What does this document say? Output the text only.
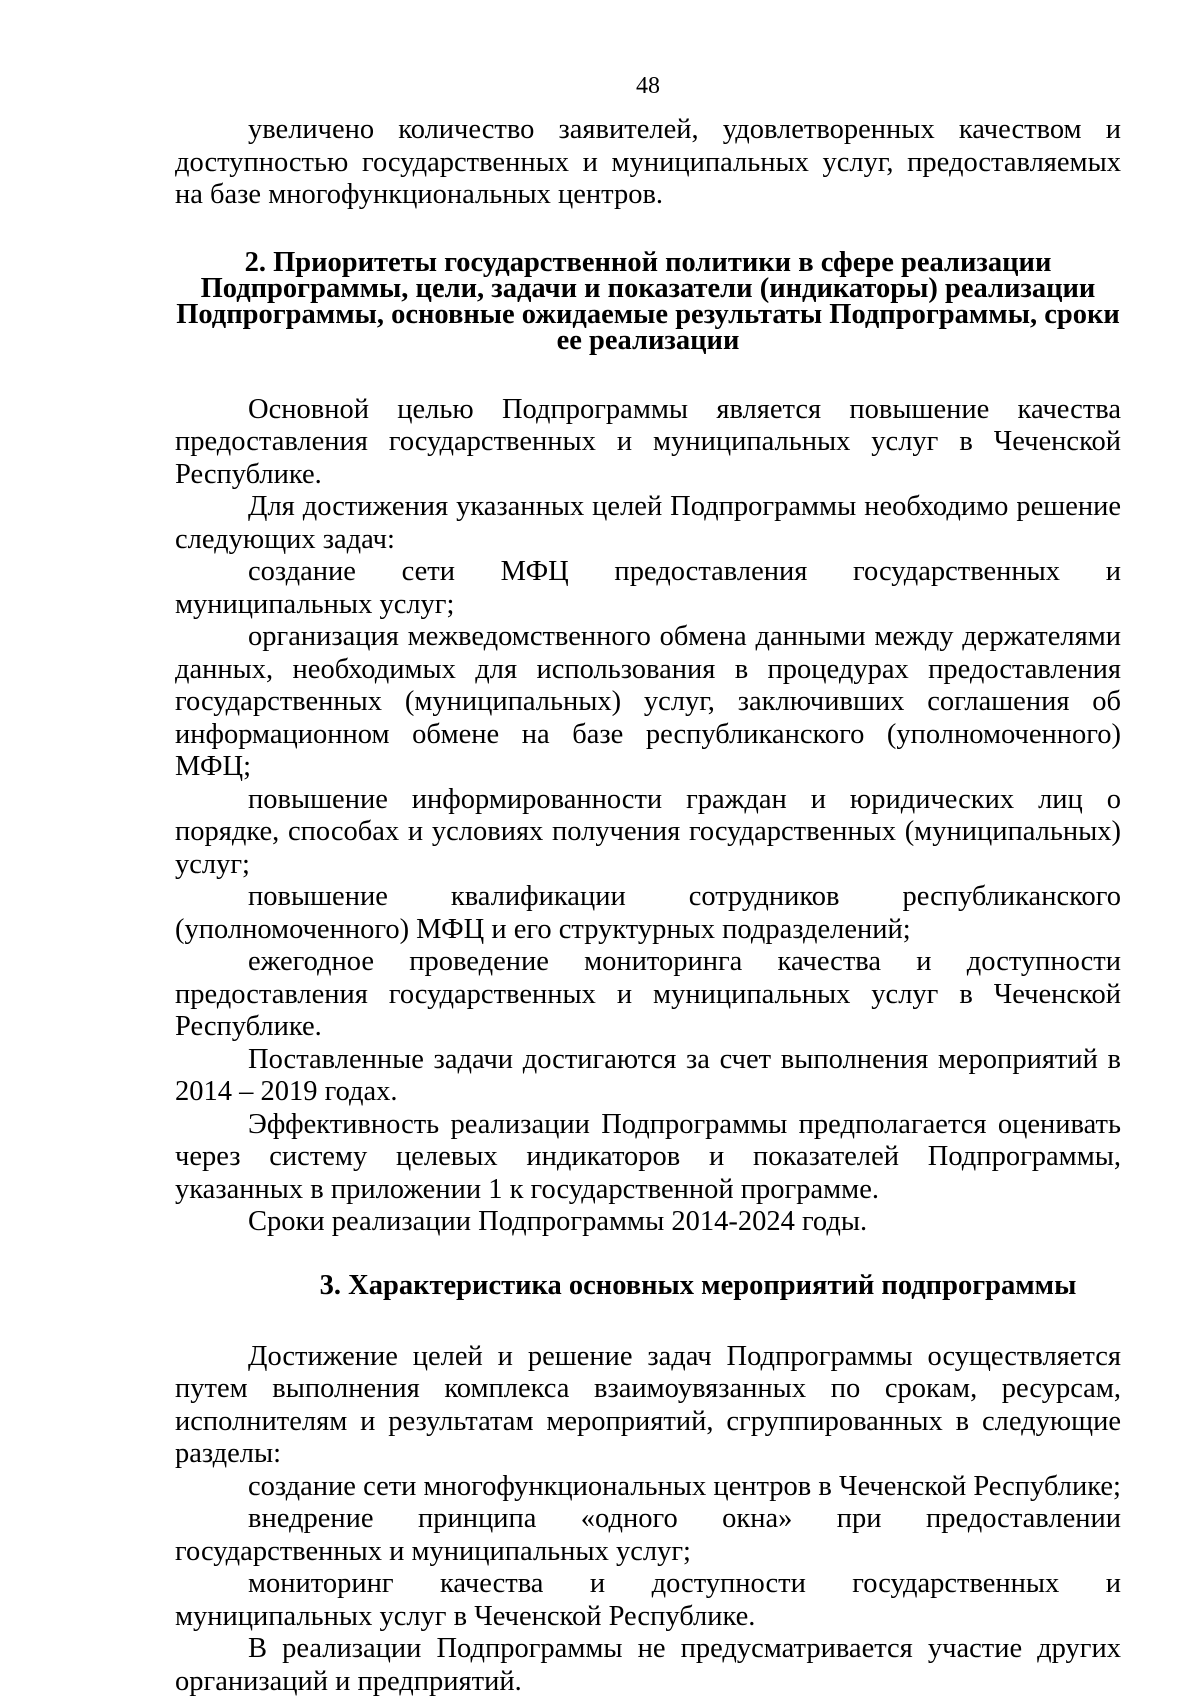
48

увеличено количество заявителей, удовлетворенных качеством и доступностью государственных и муниципальных услуг, предоставляемых на базе многофункциональных центров.

2. Приоритеты государственной политики в сфере реализации Подпрограммы, цели, задачи и показатели (индикаторы) реализации Подпрограммы, основные ожидаемые результаты Подпрограммы, сроки ее реализации

Основной целью Подпрограммы является повышение качества предоставления государственных и муниципальных услуг в Чеченской Республике.

Для достижения указанных целей Подпрограммы необходимо решение следующих задач:

создание сети МФЦ предоставления государственных и муниципальных услуг;

организация межведомственного обмена данными между держателями данных, необходимых для использования в процедурах предоставления государственных (муниципальных) услуг, заключивших соглашения об информационном обмене на базе республиканского (уполномоченного) МФЦ;

повышение информированности граждан и юридических лиц о порядке, способах и условиях получения государственных (муниципальных) услуг;

повышение квалификации сотрудников республиканского (уполномоченного) МФЦ и его структурных подразделений;

ежегодное проведение мониторинга качества и доступности предоставления государственных и муниципальных услуг в Чеченской Республике.

Поставленные задачи достигаются за счет выполнения мероприятий в 2014 – 2019 годах.

Эффективность реализации Подпрограммы предполагается оценивать через систему целевых индикаторов и показателей Подпрограммы, указанных в приложении 1 к государственной программе.

Сроки реализации Подпрограммы 2014-2024 годы.

3. Характеристика основных мероприятий подпрограммы

Достижение целей и решение задач Подпрограммы осуществляется путем выполнения комплекса взаимоувязанных по срокам, ресурсам, исполнителям и результатам мероприятий, сгруппированных в следующие разделы:

создание сети многофункциональных центров в Чеченской Республике;

внедрение принципа «одного окна» при предоставлении государственных и муниципальных услуг;

мониторинг качества и доступности государственных и муниципальных услуг в Чеченской Республике.

В реализации Подпрограммы не предусматривается участие других организаций и предприятий.
